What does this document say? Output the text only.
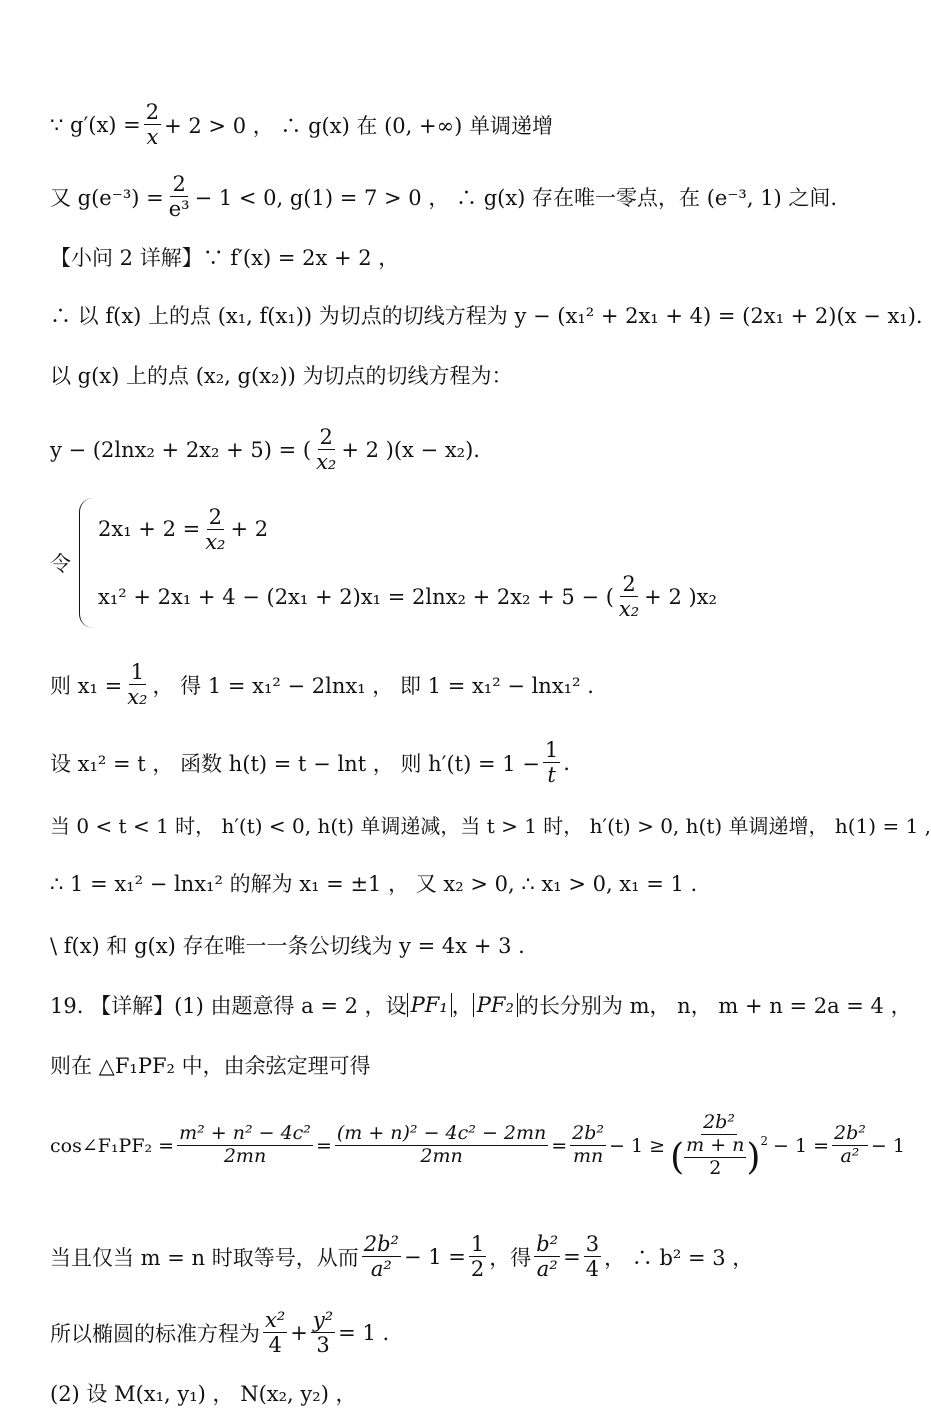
∵ $g'(x) = \frac{2}{x} + 2 > 0$ ， ∴ g(x) 在 (0, +∞) 单调递增
又 $g(e^{-3}) = \frac{2}{\text{e³}} - 1 < 0$, g(1) = 7 > 0 ， ∴ g(x) 存在唯一零点，在 (e⁻³, 1) 之间.
【小问 2 详解】∵ f′(x) = 2x + 2 ，
∴ 以 f(x) 上的点 (x₁, f(x₁)) 为切点的切线方程为 y − (x₁² + 2x₁ + 4) = (2x₁ + 2)(x − x₁).
以 g(x) 上的点 (x₂, g(x₂)) 为切点的切线方程为：
y − (2lnx₂ + 2x₂ + 5) = ( $\frac{2}{\text{x₂}} + 2$ )(x − x₂).
令
$2x_1 + 2 = \frac{2}{\text{x₂}} + 2$
x₁² + 2x₁ + 4 − (2x₁ + 2)x₁ = 2lnx₂ + 2x₂ + 5 − ( $\frac{2}{\text{x₂}} + 2$ )x₂
则 $x_1 = \frac{1}{\text{x₂}}$ ， 得 1 = x₁² − 2lnx₁ ， 即 1 = x₁² − lnx₁² .
设 x₁² = t ， 函数 h(t) = t − lnt ， 则 $h'(t) = 1 - \frac{1}{t}$ .
当 0 < t < 1 时， h′(t) < 0, h(t) 单调递减，当 t > 1 时， h′(t) > 0, h(t) 单调递增， h(1) = 1 ,
∴ 1 = x₁² − lnx₁² 的解为 x₁ = ±1 ， 又 x₂ > 0, ∴ x₁ > 0, x₁ = 1 .
\ f(x) 和 g(x) 存在唯一一条公切线为 y = 4x + 3 .
19. 【详解】(1) 由题意得 a = 2 ，设 PF₁ ， PF₂ 的长分别为 m， n， m + n = 2a = 4 ，
则在 △F₁PF₂ 中，由余弦定理可得
cos∠F₁PF₂ = $\frac{\text{m² + n² − 4c²}}{2mn} = \frac{\text{(m + n)² − 4c² − 2mn}}{2mn} = \frac{\text{2b²}}{mn} - 1 \ge \frac{\text{2b²}}{( \frac{m + n}{2} )^2} - 1 = \frac{\text{2b²}}{\text{a²}} - 1$
当且仅当 m = n 时取等号，从而 $\frac{\text{2b²}}{\text{a²}} - 1 = \frac{1}{2}$ ，得 $\frac{\text{b²}}{\text{a²}} = \frac{3}{4}$ ， ∴ b² = 3 ，
所以椭圆的标准方程为 $\frac{\text{x²}}{4} + \frac{\text{y²}}{3} = 1$ .
(2) 设 M(x₁, y₁) ， N(x₂, y₂) ，
